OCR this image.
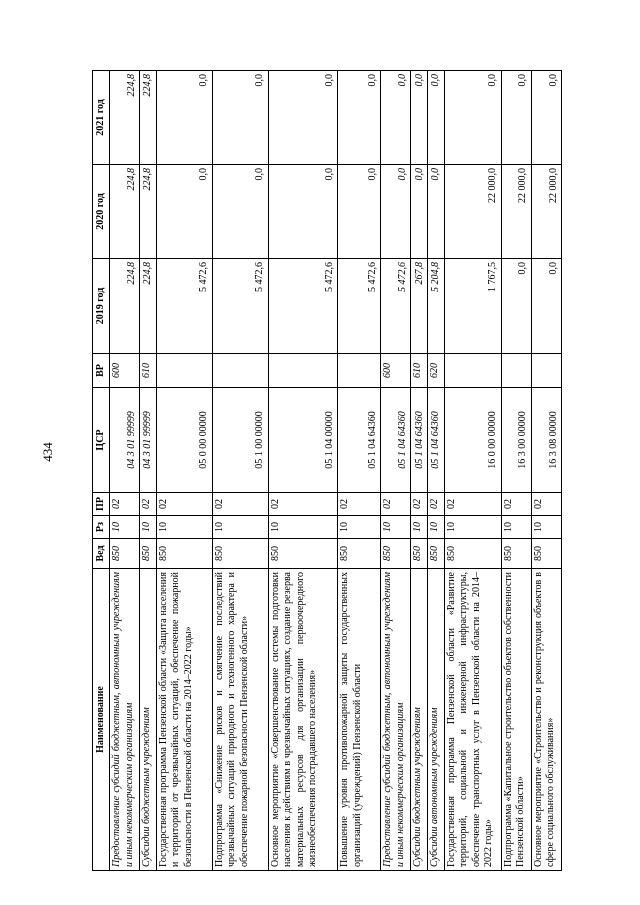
434
Наименование	Вед	Рз	ПР	ЦСР	ВР	2019 год	2020 год	2021 год
Предоставление субсидий бюджетным, автономным учреждениям и иным некоммерческим организациям	850	10	02	04 3 01 99999	600	224,8	224,8	224,8
Субсидии бюджетным учреждениям	850	10	02	04 3 01 99999	610	224,8	224,8	224,8
Государственная программа Пензенской области «Защита населения и территорий от чрезвычайных ситуаций, обеспечение пожарной безопасности в Пензенской области на 2014–2022 годы»	850	10	02	05 0 00 00000		5 472,6	0,0	0,0
Подпрограмма «Снижение рисков и смягчение последствий чрезвычайных ситуаций природного и техногенного характера и обеспечение пожарной безопасности Пензенской области»	850	10	02	05 1 00 00000		5 472,6	0,0	0,0
Основное мероприятие «Совершенствование системы подготовки населения к действиям в чрезвычайных ситуациях, создание резерва материальных ресурсов для организации первоочередного жизнеобеспечения пострадавшего населения»	850	10	02	05 1 04 00000		5 472,6	0,0	0,0
Повышение уровня противопожарной защиты государственных организаций (учреждений) Пензенской области	850	10	02	05 1 04 64360		5 472,6	0,0	0,0
Предоставление субсидий бюджетным, автономным учреждениям и иным некоммерческим организациям	850	10	02	05 1 04 64360	600	5 472,6	0,0	0,0
Субсидии бюджетным учреждениям	850	10	02	05 1 04 64360	610	267,8	0,0	0,0
Субсидии автономным учреждениям	850	10	02	05 1 04 64360	620	5 204,8	0,0	0,0
Государственная программа Пензенской области «Развитие территорий, социальной и инженерной инфраструктуры, обеспечение транспортных услуг в Пензенской области на 2014–2022 годы»	850	10	02	16 0 00 00000		1 767,5	22 000,0	0,0
Подпрограмма «Капитальное строительство объектов собственности Пензенской области»	850	10	02	16 3 00 00000		0,0	22 000,0	0,0
Основное мероприятие «Строительство и реконструкция объектов в сфере социального обслуживания»	850	10	02	16 3 08 00000		0,0	22 000,0	0,0
